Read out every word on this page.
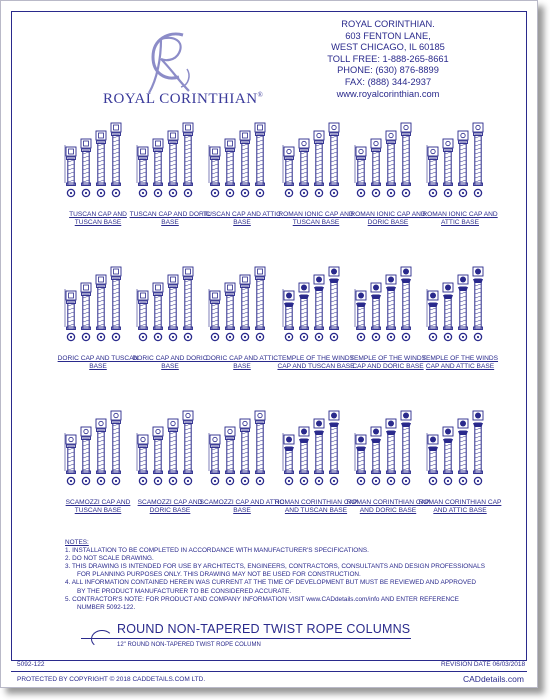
ROYAL CORINTHIAN®
ROYAL CORINTHIAN.
603 FENTON LANE,
WEST CHICAGO, IL 60185
TOLL FREE: 1-888-265-8661
PHONE: (630) 876-8899
FAX: (888) 344-2937
www.royalcorinthian.com
TUSCAN CAP AND TUSCAN BASE
TUSCAN CAP AND DORIC BASE
TUSCAN CAP AND ATTIC BASE
ROMAN IONIC CAP AND TUSCAN BASE
ROMAN IONIC CAP AND DORIC BASE
ROMAN IONIC CAP AND ATTIC BASE
DORIC CAP AND TUSCAN BASE
DORIC CAP AND DORIC BASE
DORIC CAP AND ATTIC BASE
TEMPLE OF THE WINDS CAP AND TUSCAN BASE
TEMPLE OF THE WINDS CAP AND DORIC BASE
TEMPLE OF THE WINDS CAP AND ATTIC BASE
SCAMOZZI CAP AND TUSCAN BASE
SCAMOZZI CAP AND DORIC BASE
SCAMOZZI CAP AND ATTIC BASE
ROMAN CORINTHIAN CAP AND TUSCAN BASE
ROMAN CORINTHIAN CAP AND DORIC BASE
ROMAN CORINTHIAN CAP AND ATTIC BASE
NOTES:
1. INSTALLATION TO BE COMPLETED IN ACCORDANCE WITH MANUFACTURER'S SPECIFICATIONS.
2. DO NOT SCALE DRAWING.
3. THIS DRAWING IS INTENDED FOR USE BY ARCHITECTS, ENGINEERS, CONTRACTORS, CONSULTANTS AND DESIGN PROFESSIONALS FOR PLANNING PURPOSES ONLY. THIS DRAWING MAY NOT BE USED FOR CONSTRUCTION.
4. ALL INFORMATION CONTAINED HEREIN WAS CURRENT AT THE TIME OF DEVELOPMENT BUT MUST BE REVIEWED AND APPROVED BY THE PRODUCT MANUFACTURER TO BE CONSIDERED ACCURATE.
5. CONTRACTOR'S NOTE: FOR PRODUCT AND COMPANY INFORMATION VISIT www.CADdetails.com/info AND ENTER REFERENCE NUMBER 5092-122.
ROUND NON-TAPERED TWIST ROPE COLUMNS
12" ROUND NON-TAPERED TWIST ROPE COLUMN
5092-122	REVISION DATE 06/03/2018
PROTECTED BY COPYRIGHT © 2018 CADDETAILS.COM LTD.	CADdetails.com
